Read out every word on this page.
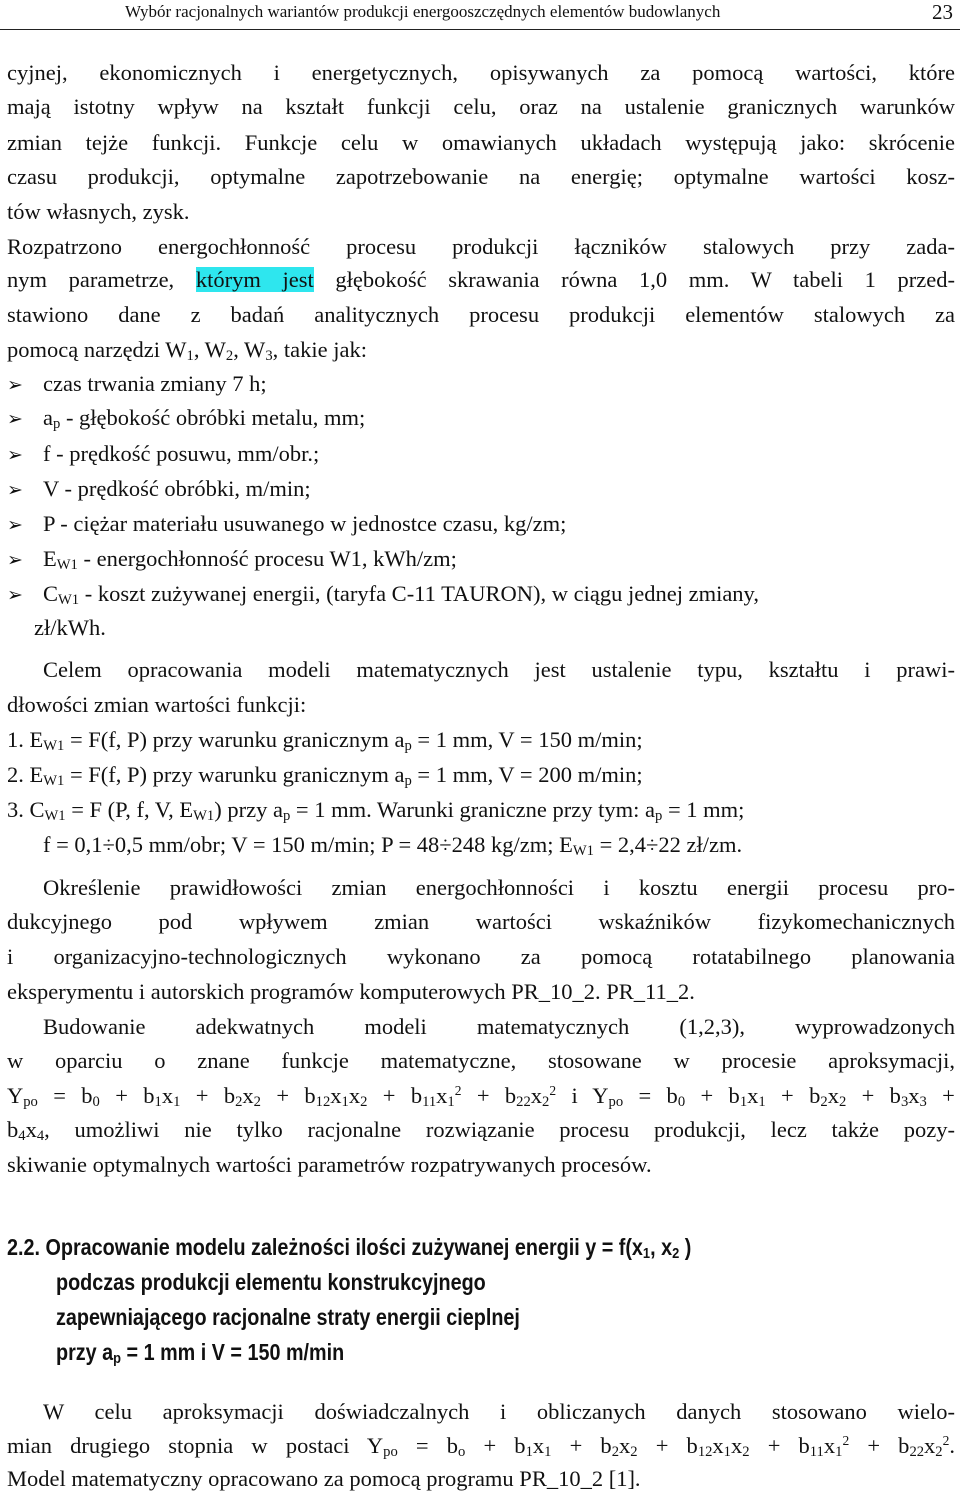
Wybór racjonalnych wariantów produkcji energooszczędnych elementów budowlanych	23
cyjnej, ekonomicznych i energetycznych, opisywanych za pomocą wartości, które
mają istotny wpływ na kształt funkcji celu, oraz na ustalenie granicznych warunków
zmian tejże funkcji. Funkcje celu w omawianych układach występują jako: skrócenie
czasu produkcji, optymalne zapotrzebowanie na energię; optymalne wartości kosz-
tów własnych, zysk.
Rozpatrzono energochłonność procesu produkcji łączników stalowych przy zada-
nym parametrze, którym jest głębokość skrawania równa 1,0 mm. W tabeli 1 przed-
stawiono dane z badań analitycznych procesu produkcji elementów stalowych za
pomocą narzędzi $W_1$, $W_2$, $W_3$, takie jak:
➢ czas trwania zmiany 7 h;
➢ $a_p$ - głębokość obróbki metalu, mm;
➢ f - prędkość posuwu, mm/obr.;
➢ V - prędkość obróbki, m/min;
➢ P - ciężar materiału usuwanego w jednostce czasu, kg/zm;
➢ $E_{W1}$ - energochłonność procesu W1, kWh/zm;
➢ $C_{W1}$ - koszt zużywanej energii, (taryfa C-11 TAURON), w ciągu jednej zmiany,
zł/kWh.
Celem opracowania modeli matematycznych jest ustalenie typu, kształtu i prawi-
dłowości zmian wartości funkcji:
1. $E_{W1} = F(f$, P) przy warunku granicznym $a_p = 1$ mm, V = 150 m/min;
2. $E_{W1} = F(f$, P) przy warunku granicznym $a_p = 1$ mm, V = 200 m/min;
3. $C_{W1} = F$ (P, f, V, $E_{W1}$) przy $a_p = 1$ mm. Warunki graniczne przy tym: $a_p = 1$ mm;
f = 0,1÷0,5 mm/obr; V = 150 m/min; P = 48÷248 kg/zm; $E_{W1} = 2,4\div 22$ zł/zm.
Określenie prawidłowości zmian energochłonności i kosztu energii procesu pro-
dukcyjnego pod wpływem zmian wartości wskaźników fizykomechanicznych
i organizacyjno-technologicznych wykonano za pomocą rotatabilnego planowania
eksperymentu i autorskich programów komputerowych PR_10_2. PR_11_2.
Budowanie adekwatnych modeli matematycznych (1,2,3), wyprowadzonych
w oparciu o znane funkcje matematyczne, stosowane w procesie aproksymacji,
$Y_{po} = b_0 + b_1x_1 + b_2x_2 + b_{12}x_1x_2 + b_{11}x_1^2 + b_{22}x_2^2$ i $Y_{po} = b_0 + b_1x_1 + b_2x_2 + b_3x_3$ +
$b_4x_4$, umożliwi nie tylko racjonalne rozwiązanie procesu produkcji, lecz także pozy-
skiwanie optymalnych wartości parametrów rozpatrywanych procesów.
2.2. Opracowanie modelu zależności ilości zużywanej energii $y = f(x_1$, $x_2$ )
podczas produkcji elementu konstrukcyjnego
zapewniającego racjonalne straty energii cieplnej
przy $a_p = 1$ mm i V = 150 m/min
W celu aproksymacji doświadczalnych i obliczanych danych stosowano wielo-
mian drugiego stopnia w postaci $Y_{po} = b_o + b_1x_1 + b_2x_2 + b_{12}x_1x_2 + b_{11}x_1^2 + b_{22}x_2^2$.
Model matematyczny opracowano za pomocą programu PR_10_2 [1].
